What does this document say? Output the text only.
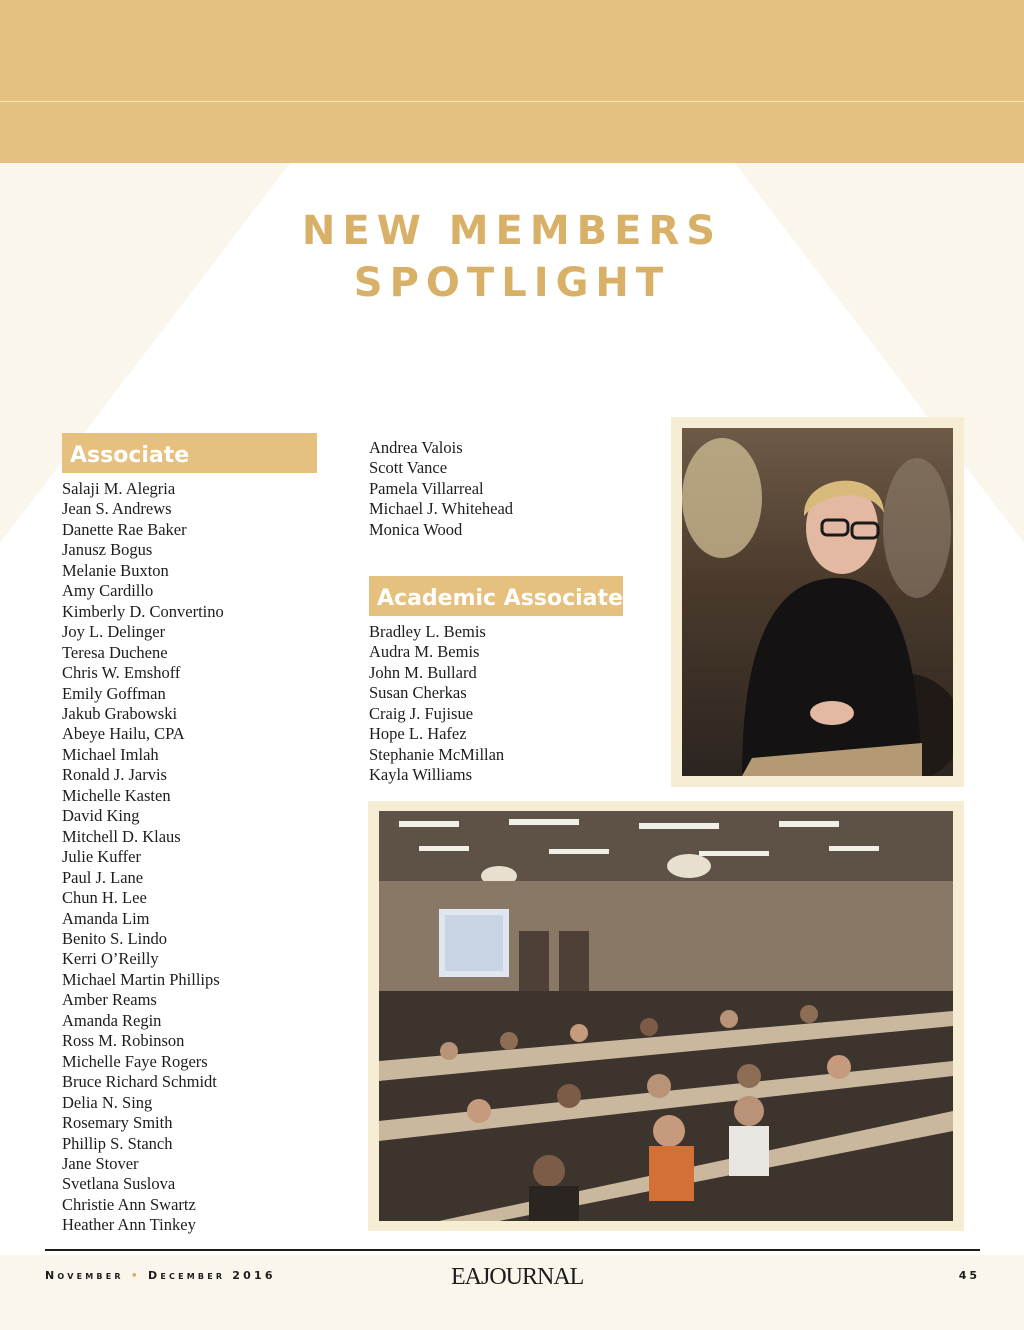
NEW MEMBERS
SPOTLIGHT
Associate
Salaji M. Alegria
Jean S. Andrews
Danette Rae Baker
Janusz Bogus
Melanie Buxton
Amy Cardillo
Kimberly D. Convertino
Joy L. Delinger
Teresa Duchene
Chris W. Emshoff
Emily Goffman
Jakub Grabowski
Abeye Hailu, CPA
Michael Imlah
Ronald J. Jarvis
Michelle Kasten
David King
Mitchell D. Klaus
Julie Kuffer
Paul J. Lane
Chun H. Lee
Amanda Lim
Benito S. Lindo
Kerri O’Reilly
Michael Martin Phillips
Amber Reams
Amanda Regin
Ross M. Robinson
Michelle Faye Rogers
Bruce Richard Schmidt
Delia N. Sing
Rosemary Smith
Phillip S. Stanch
Jane Stover
Svetlana Suslova
Christie Ann Swartz
Heather Ann Tinkey
Andrea Valois
Scott Vance
Pamela Villarreal
Michael J. Whitehead
Monica Wood
Academic Associate
Bradley L. Bemis
Audra M. Bemis
John M. Bullard
Susan Cherkas
Craig J. Fujisue
Hope L. Hafez
Stephanie McMillan
Kayla Williams
November • December 2016	EAJOURNAL	45
